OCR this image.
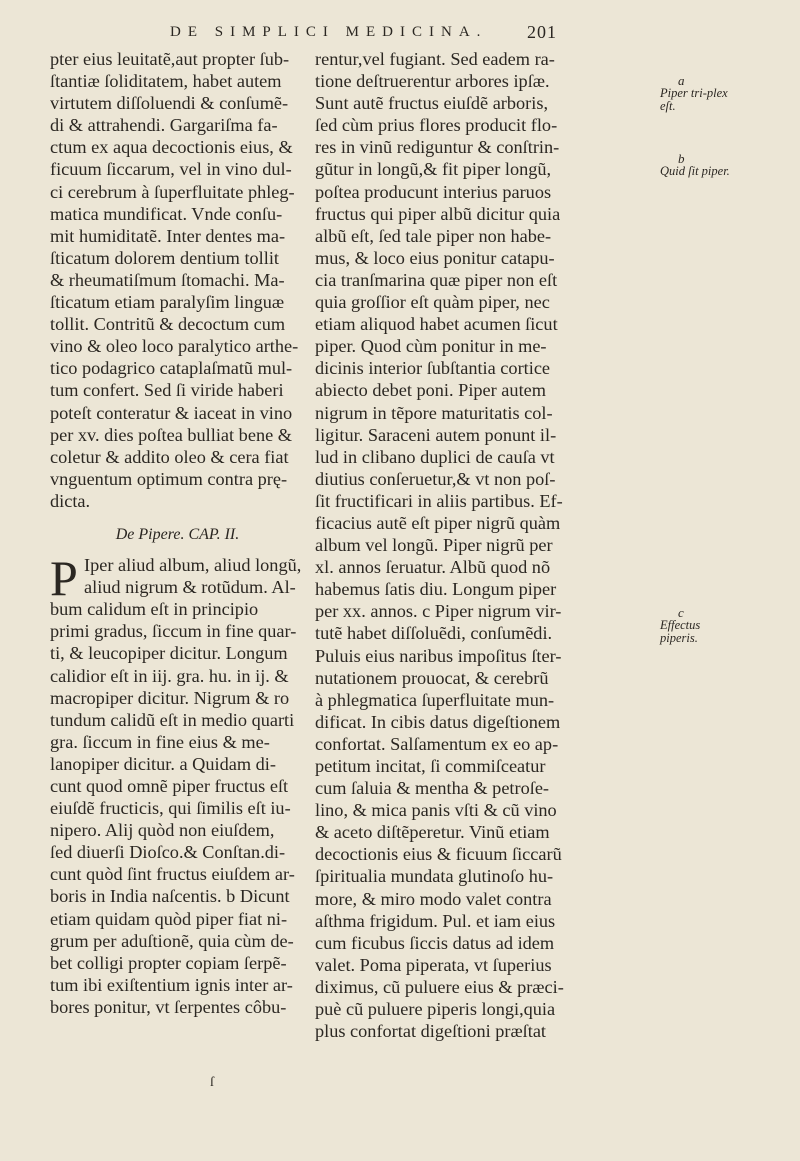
DE SIMPLICI MEDICINA. 201
pter eius leuitatẽ,aut propter ſub-
ſtantiæ ſoliditatem, habet autem
virtutem diſſoluendi & conſumẽ-
di & attrahendi. Gargariſma fa-
ctum ex aqua decoctionis eius, &
ficuum ſiccarum, vel in vino dul-
ci cerebrum à ſuperfluitate phleg-
matica mundificat. Vnde conſu-
mit humiditatẽ. Inter dentes ma-
ſticatum dolorem dentium tollit
& rheumatiſmum ſtomachi. Ma-
ſticatum etiam paralyſim linguæ
tollit. Contritũ & decoctum cum
vino & oleo loco paralytico arthe-
tico podagrico cataplaſmatũ mul-
tum confert. Sed ſi viride haberi
poteſt conteratur & iaceat in vino
per xv. dies poſtea bulliat bene &
coletur & addito oleo & cera fiat
vnguentum optimum contra prę-
dicta.
De Pipere. CAP. II.
P Iper aliud album, aliud longũ,
aliud nigrum & rotũdum. Al-
bum calidum eſt in principio
primi gradus, ſiccum in fine quar-
ti, & leucopiper dicitur. Longum
calidior eſt in iij. gra. hu. in ij. &
macropiper dicitur. Nigrum & ro
tundum calidũ eſt in medio quarti
gra. ſiccum in fine eius & me-
lanopiper dicitur. a Quidam di-
cunt quod omnẽ piper fructus eſt
eiuſdẽ fructicis, qui ſimilis eſt iu-
nipero. Alij quòd non eiuſdem,
ſed diuerſi Dioſco.& Conſtan.di-
cunt quòd ſint fructus eiuſdem ar-
boris in India naſcentis. b Dicunt
etiam quidam quòd piper fiat ni-
grum per aduſtionẽ, quia cùm de-
bet colligi propter copiam ſerpẽ-
tum ibi exiſtentium ignis inter ar-
bores ponitur, vt ſerpentes côbu-
rentur,vel fugiant. Sed eadem ra-
tione deſtruerentur arbores ipſæ.
Sunt autẽ fructus eiuſdẽ arboris,
ſed cùm prius flores producit flo-
res in vinũ rediguntur & conſtrin-
gũtur in longũ,& fit piper longũ,
poſtea producunt interius paruos
fructus qui piper albũ dicitur quia
albũ eſt, ſed tale piper non habe-
mus, & loco eius ponitur catapu-
cia tranſmarina quæ piper non eſt
quia groſſior eſt quàm piper, nec
etiam aliquod habet acumen ſicut
piper. Quod cùm ponitur in me-
dicinis interior ſubſtantia cortice
abiecto debet poni. Piper autem
nigrum in tẽpore maturitatis col-
ligitur. Saraceni autem ponunt il-
lud in clibano duplici de cauſa vt
diutius conſeruetur,& vt non poſ-
ſit fructificari in aliis partibus. Ef-
ficacius autẽ eſt piper nigrũ quàm
album vel longũ. Piper nigrũ per
xl. annos ſeruatur. Albũ quod nõ
habemus ſatis diu. Longum piper
per xx. annos. c Piper nigrum vir-
tutẽ habet diſſoluẽdi, conſumẽdi.
Puluis eius naribus impoſitus ſter-
nutationem prouocat, & cerebrũ
à phlegmatica ſuperfluitate mun-
dificat. In cibis datus digeſtionem
confortat. Salſamentum ex eo ap-
petitum incitat, ſi commiſceatur
cum ſaluia & mentha & petroſe-
lino, & mica panis vſti & cũ vino
& aceto diſtẽperetur. Vinũ etiam
decoctionis eius & ficuum ſiccarũ
ſpiritualia mundata glutinoſo hu-
more, & miro modo valet contra
aſthma frigidum. Pul. et iam eius
cum ficubus ſiccis datus ad idem
valet. Poma piperata, vt ſuperius
diximus, cũ puluere eius & præci-
puè cũ puluere piperis longi,quia
plus confortat digeſtioni præſtat
a
Piper tri-plex eſt.
b
Quid ſit piper.
c
Effectus piperis.
ſ
